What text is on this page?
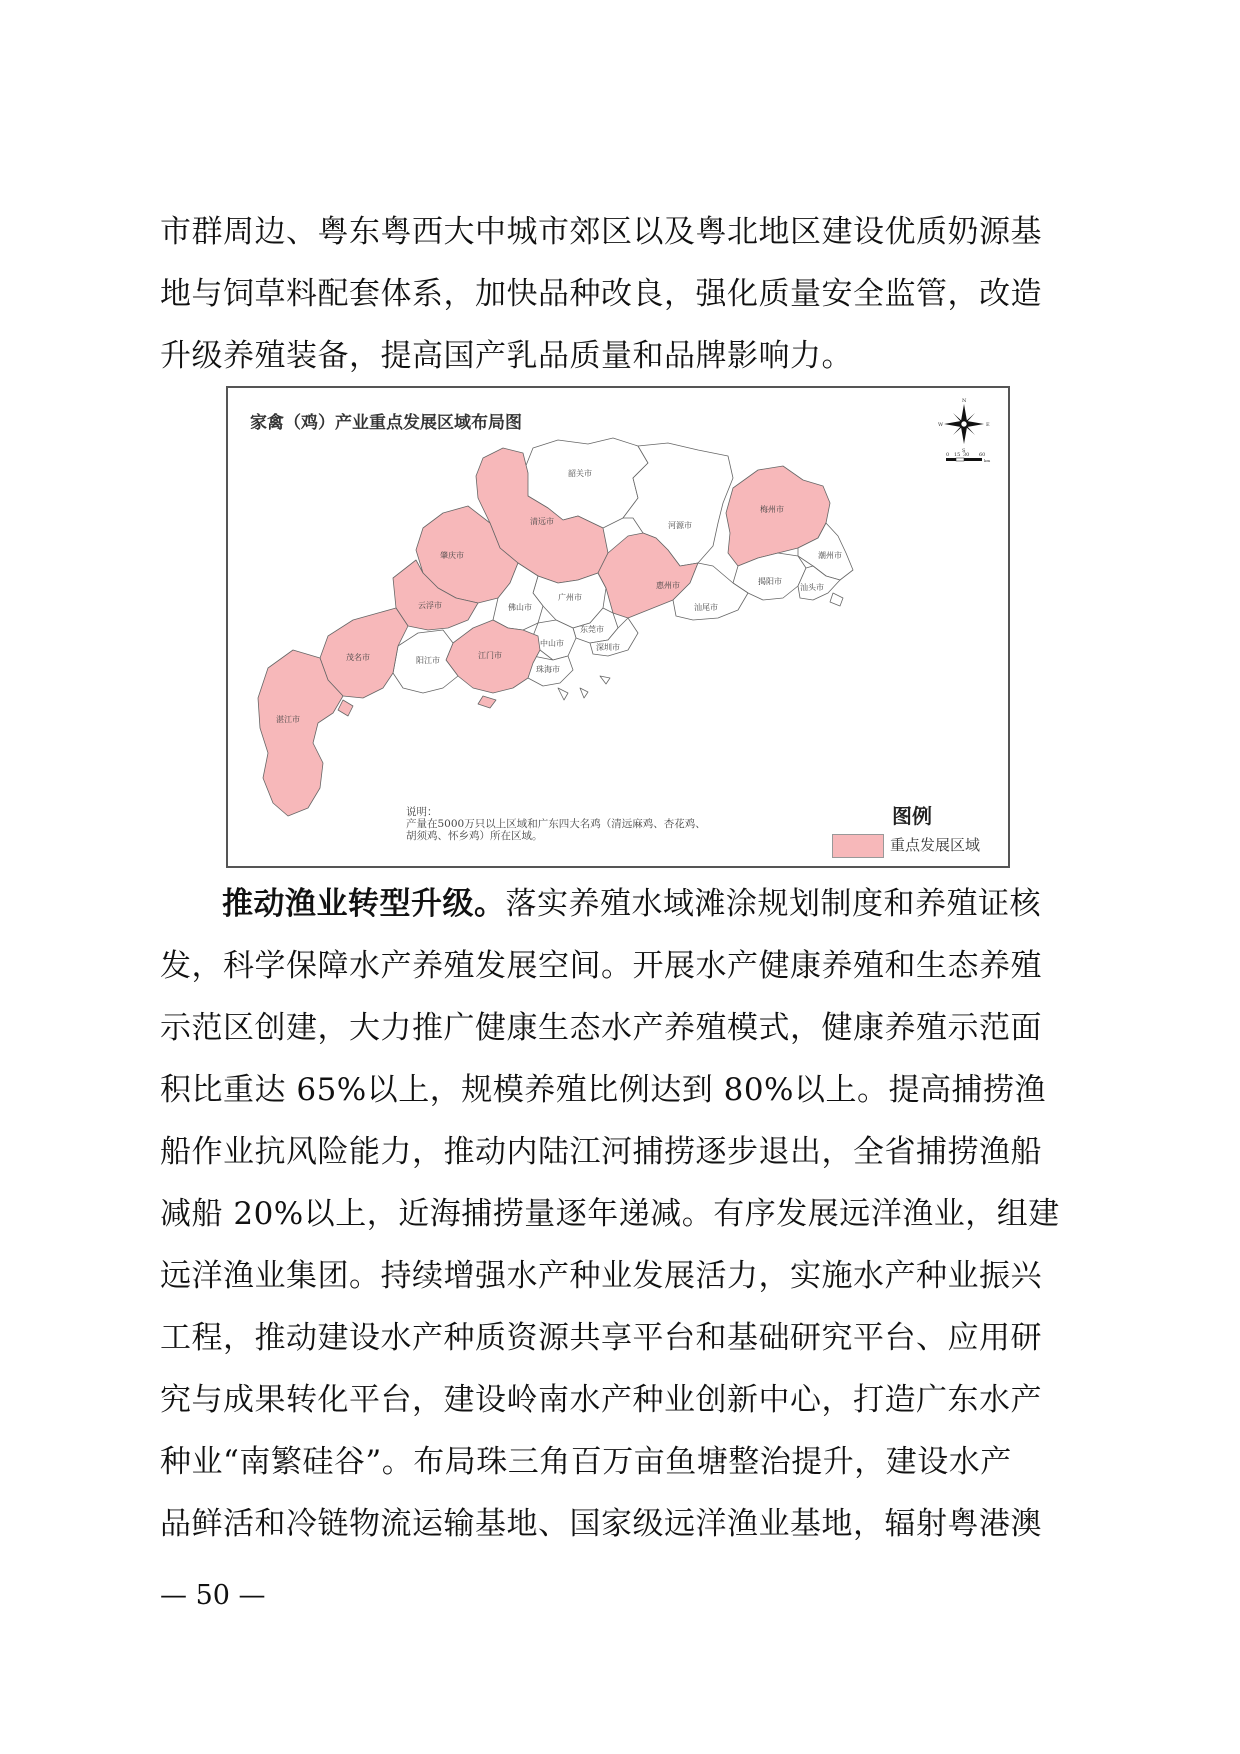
市群周边、粤东粤西大中城市郊区以及粤北地区建设优质奶源基
地与饲草料配套体系，加快品种改良，强化质量安全监管，改造
升级养殖装备，提高国产乳品质量和品牌影响力。
家禽（鸡）产业重点发展区域布局图
韶关市
清远市	河源市
梅州市
潮州市
肇庆市
广州市
惠州市	揭阳市
汕头市
佛山市
东莞市
汕尾市
云浮市
深圳市
中山市
江门市
茂名市	阳江市
珠海市
湛江市
N
S
E
W
0 15 30 60
km
说明：
产量在5000万只以上区域和广东四大名鸡（清远麻鸡、杏花鸡、
胡须鸡、怀乡鸡）所在区域。
图例
重点发展区域
推动渔业转型升级。落实养殖水域滩涂规划制度和养殖证核
发，科学保障水产养殖发展空间。开展水产健康养殖和生态养殖
示范区创建，大力推广健康生态水产养殖模式，健康养殖示范面
积比重达 65%以上，规模养殖比例达到 80%以上。提高捕捞渔
船作业抗风险能力，推动内陆江河捕捞逐步退出，全省捕捞渔船
减船 20%以上，近海捕捞量逐年递减。有序发展远洋渔业，组建
远洋渔业集团。持续增强水产种业发展活力，实施水产种业振兴
工程，推动建设水产种质资源共享平台和基础研究平台、应用研
究与成果转化平台，建设岭南水产种业创新中心，打造广东水产
种业“南繁硅谷”。布局珠三角百万亩鱼塘整治提升，建设水产
品鲜活和冷链物流运输基地、国家级远洋渔业基地，辐射粤港澳
— 50 —
